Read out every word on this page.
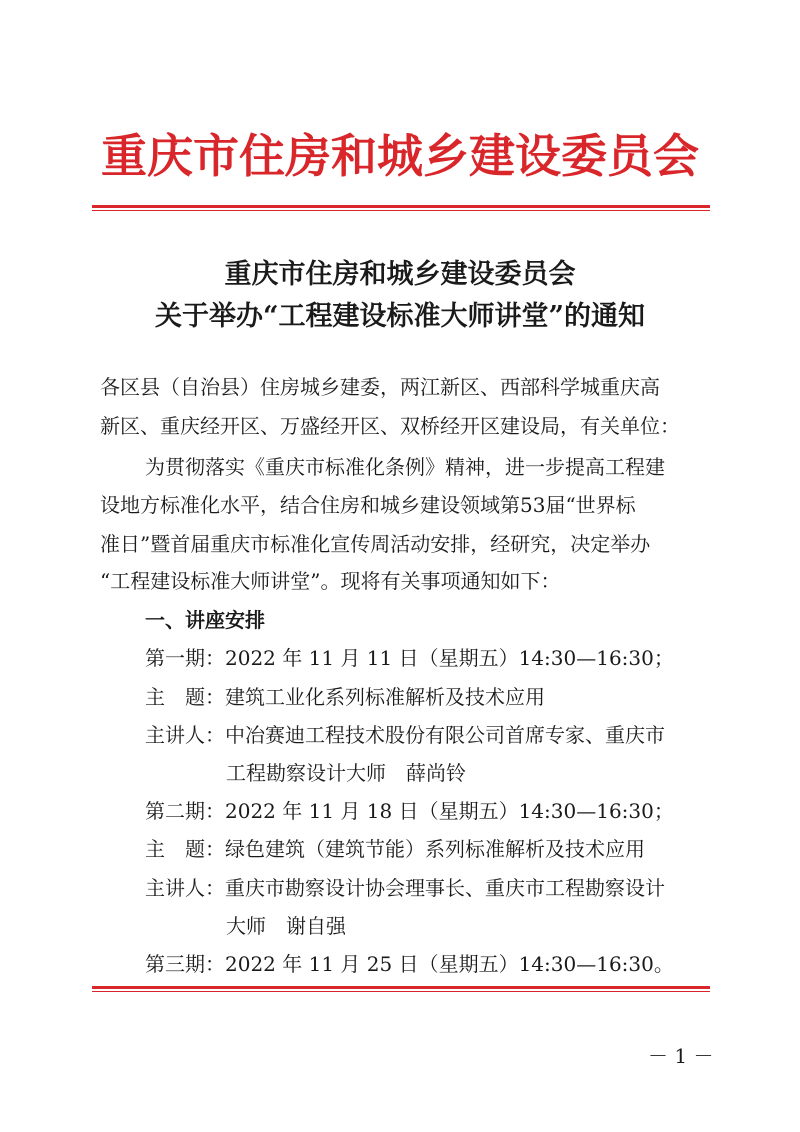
重庆市住房和城乡建设委员会
重庆市住房和城乡建设委员会
关于举办“工程建设标准大师讲堂”的通知
各区县（自治县）住房城乡建委，两江新区、西部科学城重庆高
新区、重庆经开区、万盛经开区、双桥经开区建设局，有关单位：
为贯彻落实《重庆市标准化条例》精神，进一步提高工程建
设地方标准化水平，结合住房和城乡建设领域第53届“世界标
准日”暨首届重庆市标准化宣传周活动安排，经研究，决定举办
“工程建设标准大师讲堂”。现将有关事项通知如下：
一、讲座安排
第一期：2022 年 11 月 11 日（星期五）14:30—16:30；
主　题：建筑工业化系列标准解析及技术应用
主讲人：中冶赛迪工程技术股份有限公司首席专家、重庆市
工程勘察设计大师　薛尚铃
第二期：2022 年 11 月 18 日（星期五）14:30—16:30；
主　题：绿色建筑（建筑节能）系列标准解析及技术应用
主讲人：重庆市勘察设计协会理事长、重庆市工程勘察设计
大师　谢自强
第三期：2022 年 11 月 25 日（星期五）14:30—16:30。
－ 1 －
